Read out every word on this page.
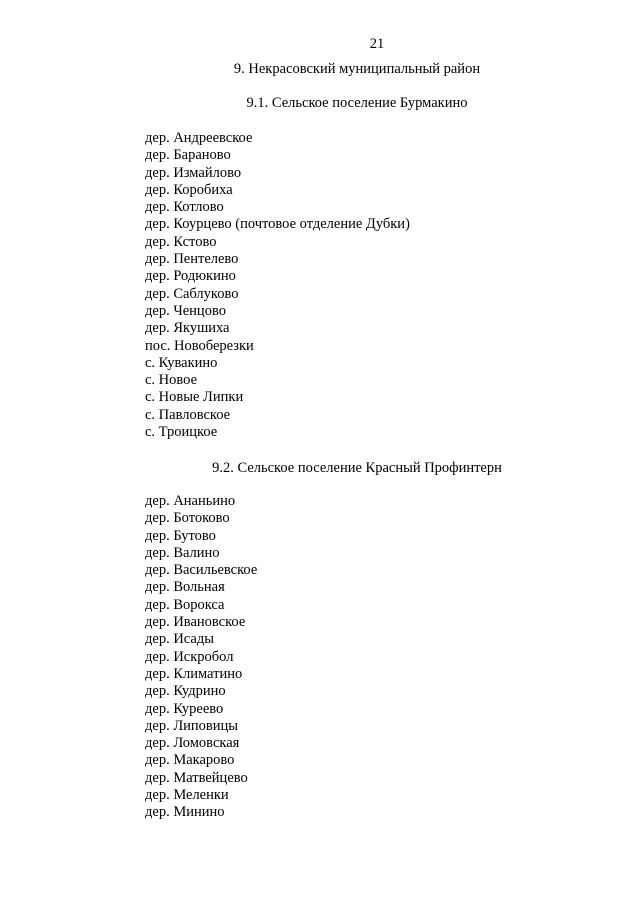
21
9. Некрасовский муниципальный район
9.1. Сельское поселение Бурмакино
дер. Андреевское
дер. Бараново
дер. Измайлово
дер. Коробиха
дер. Котлово
дер. Коурцево (почтовое отделение Дубки)
дер. Кстово
дер. Пентелево
дер. Родюкино
дер. Саблуково
дер. Ченцово
дер. Якушиха
пос. Новоберезки
с. Кувакино
с. Новое
с. Новые Липки
с. Павловское
с. Троицкое
9.2. Сельское поселение Красный Профинтерн
дер. Ананьино
дер. Ботоково
дер. Бутово
дер. Валино
дер. Васильевское
дер. Вольная
дер. Ворокса
дер. Ивановское
дер. Исады
дер. Искробол
дер. Климатино
дер. Кудрино
дер. Куреево
дер. Липовицы
дер. Ломовская
дер. Макарово
дер. Матвейцево
дер. Меленки
дер. Минино
